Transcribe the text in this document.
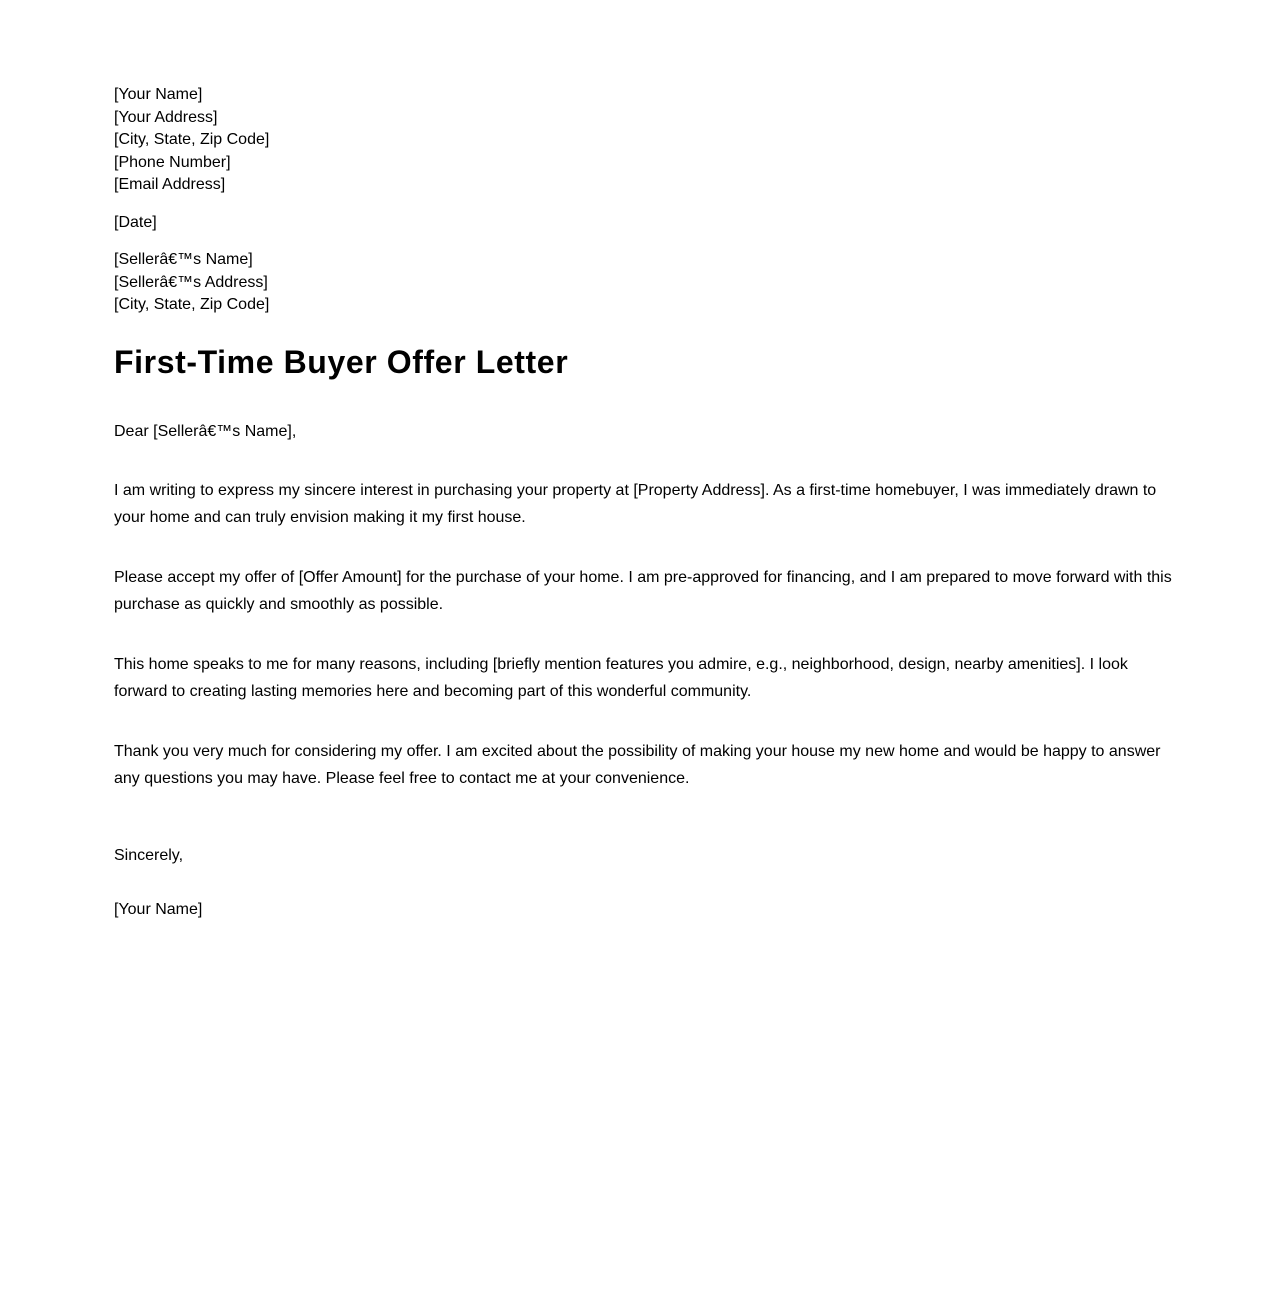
[Your Name]
[Your Address]
[City, State, Zip Code]
[Phone Number]
[Email Address]
[Date]
[Sellerâ€™s Name]
[Sellerâ€™s Address]
[City, State, Zip Code]
First-Time Buyer Offer Letter

Dear [Sellerâ€™s Name],

I am writing to express my sincere interest in purchasing your property at [Property Address]. As a first-time homebuyer, I was immediately drawn to your home and can truly envision making it my first house.

Please accept my offer of [Offer Amount] for the purchase of your home. I am pre-approved for financing, and I am prepared to move forward with this purchase as quickly and smoothly as possible.

This home speaks to me for many reasons, including [briefly mention features you admire, e.g., neighborhood, design, nearby amenities]. I look forward to creating lasting memories here and becoming part of this wonderful community.

Thank you very much for considering my offer. I am excited about the possibility of making your house my new home and would be happy to answer any questions you may have. Please feel free to contact me at your convenience.

Sincerely,

[Your Name]
